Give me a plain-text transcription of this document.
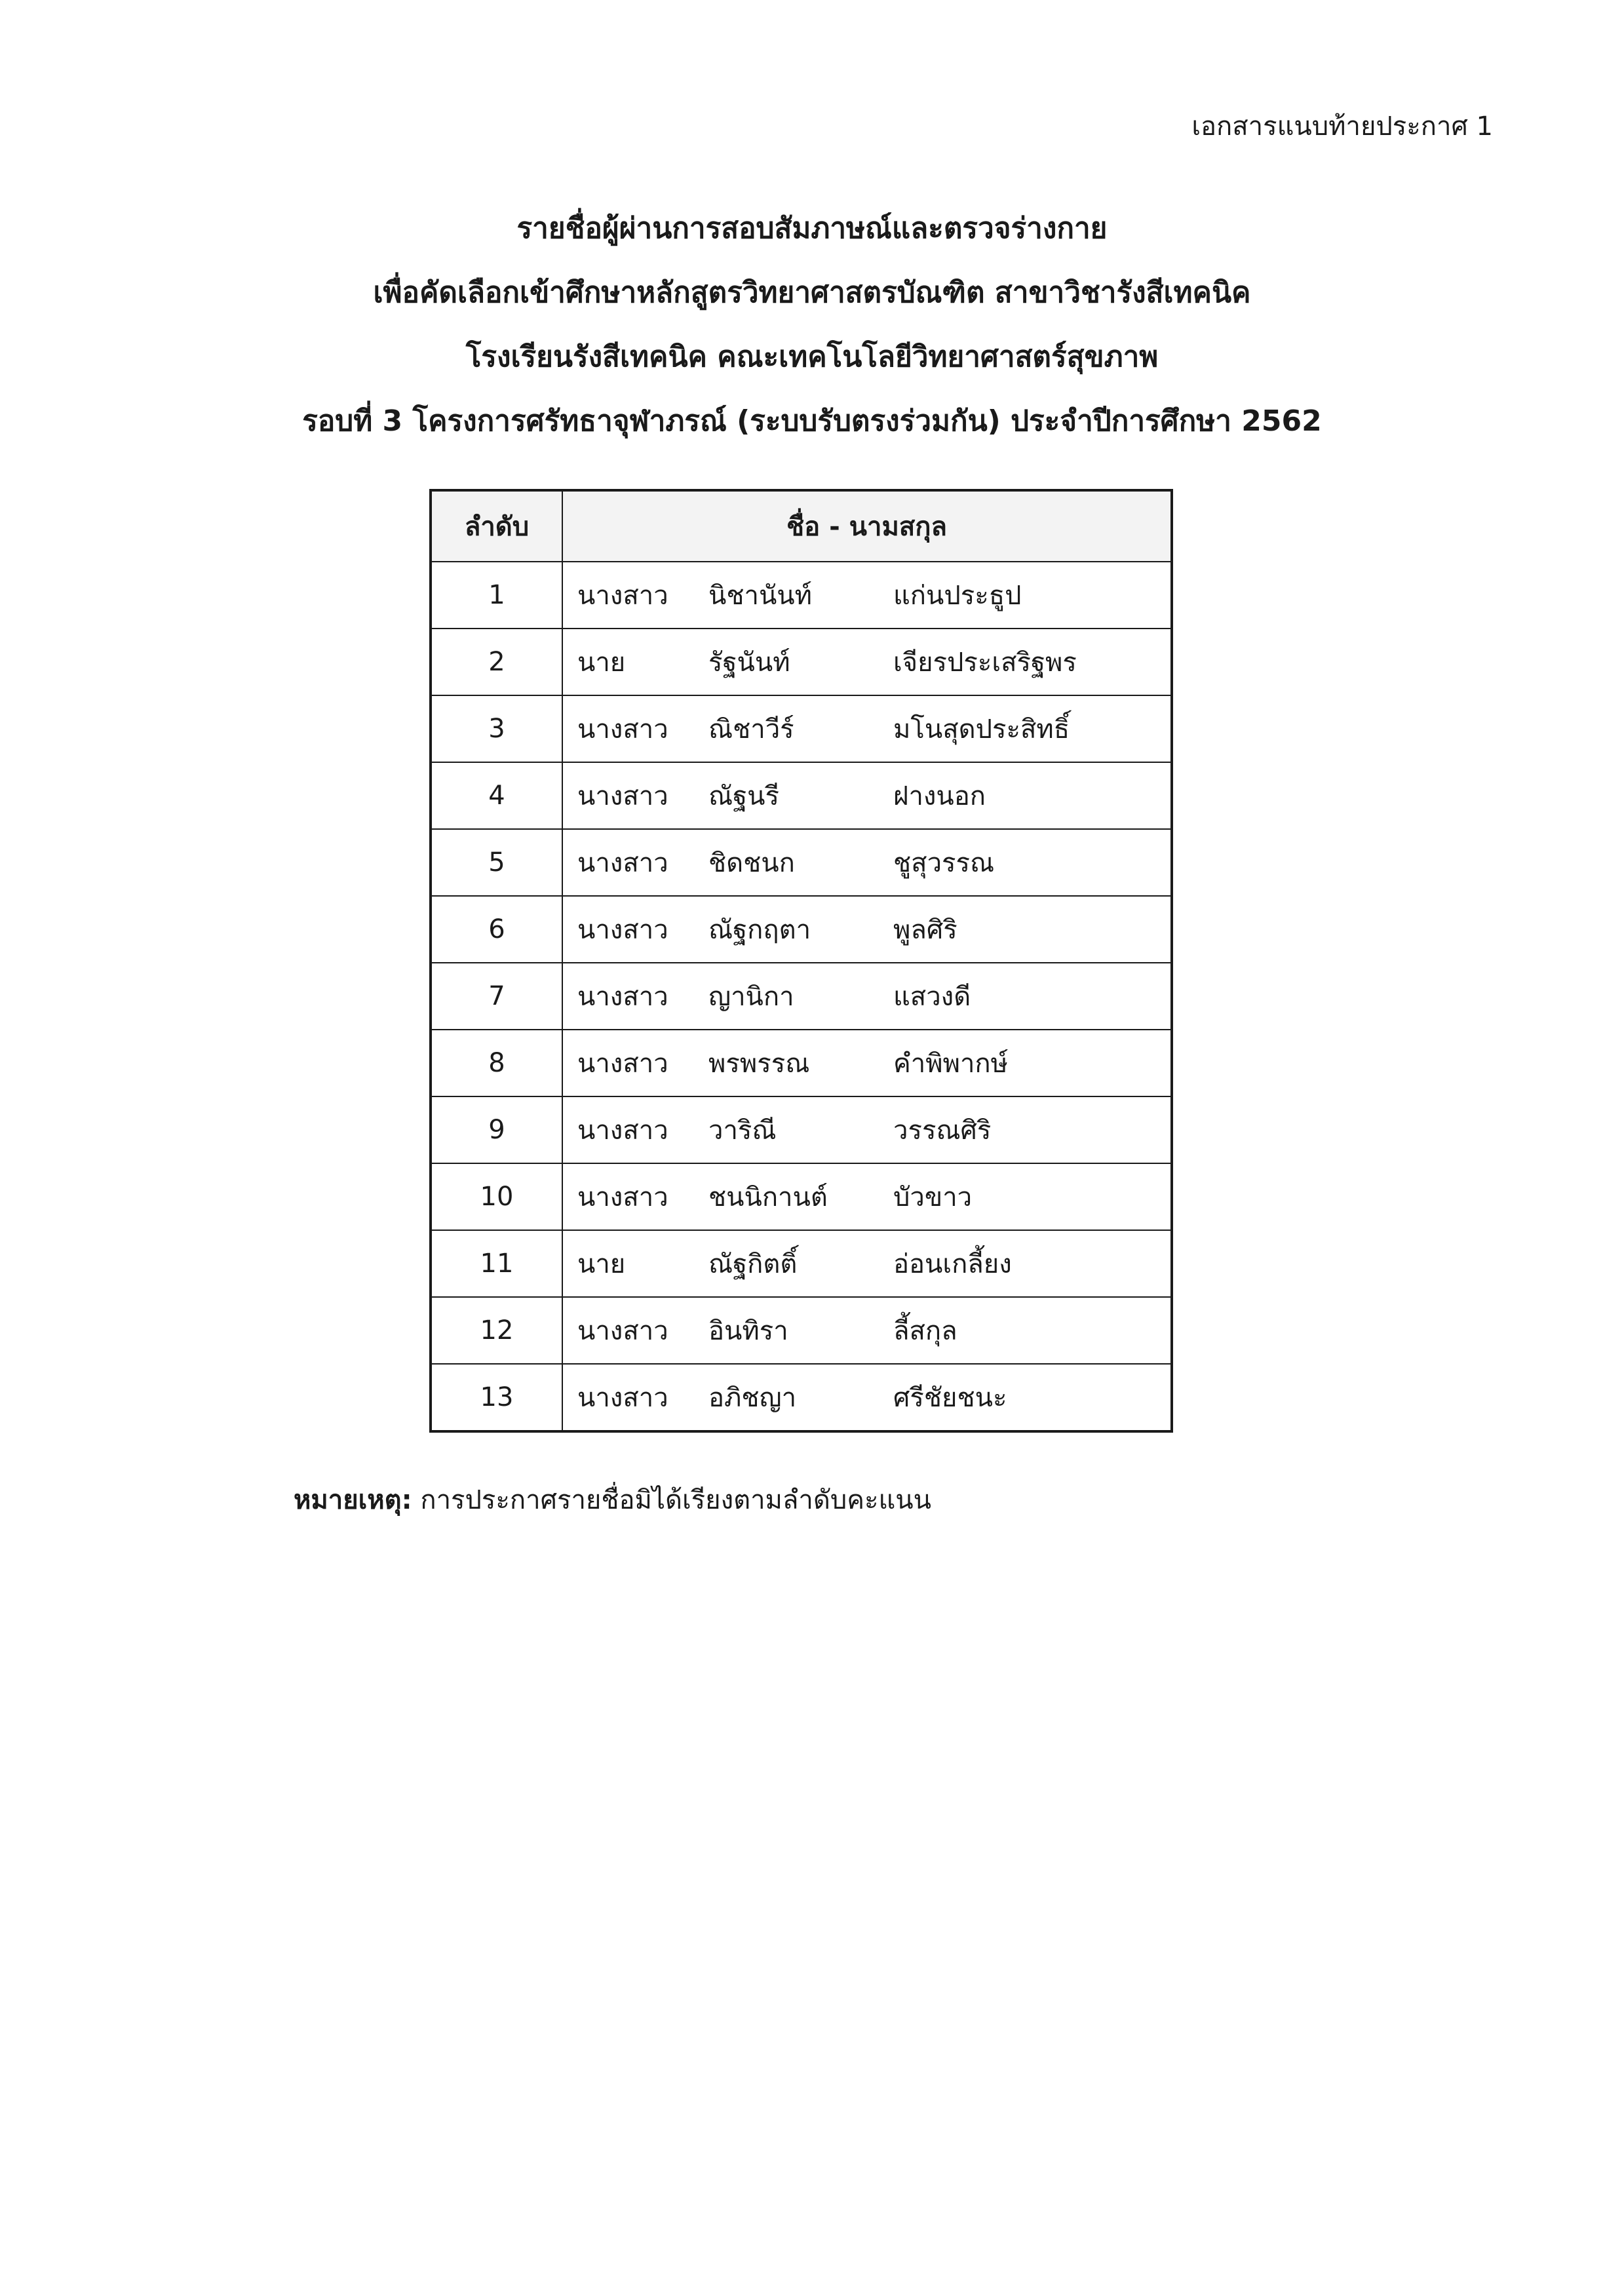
เอกสารแนบท้ายประกาศ 1
รายชื่อผู้ผ่านการสอบสัมภาษณ์และตรวจร่างกาย
เพื่อคัดเลือกเข้าศึกษาหลักสูตรวิทยาศาสตรบัณฑิต สาขาวิชารังสีเทคนิค
โรงเรียนรังสีเทคนิค คณะเทคโนโลยีวิทยาศาสตร์สุขภาพ
รอบที่ 3 โครงการศรัทธาจุฬาภรณ์ (ระบบรับตรงร่วมกัน) ประจำปีการศึกษา 2562
ลำดับ	ชื่อ - นามสกุล
1	นางสาว นิชานันท์ แก่นประธูป

2	นาย รัฐนันท์ เจียรประเสริฐพร

3	นางสาว ณิชาวีร์ มโนสุดประสิทธิ์

4	นางสาว ณัฐนรี ฝางนอก

5	นางสาว ชิดชนก ชูสุวรรณ

6	นางสาว ณัฐกฤตา พูลศิริ

7	นางสาว ญานิกา แสวงดี

8	นางสาว พรพรรณ คำพิพากษ์

9	นางสาว วาริณี วรรณศิริ

10	นางสาว ชนนิกานต์ บัวขาว

11	นาย ณัฐกิตติ์ อ่อนเกลี้ยง

12	นางสาว อินทิรา ลี้สกุล

13	นางสาว อภิชญา ศรีชัยชนะ
หมายเหตุ: การประกาศรายชื่อมิได้เรียงตามลำดับคะแนน
